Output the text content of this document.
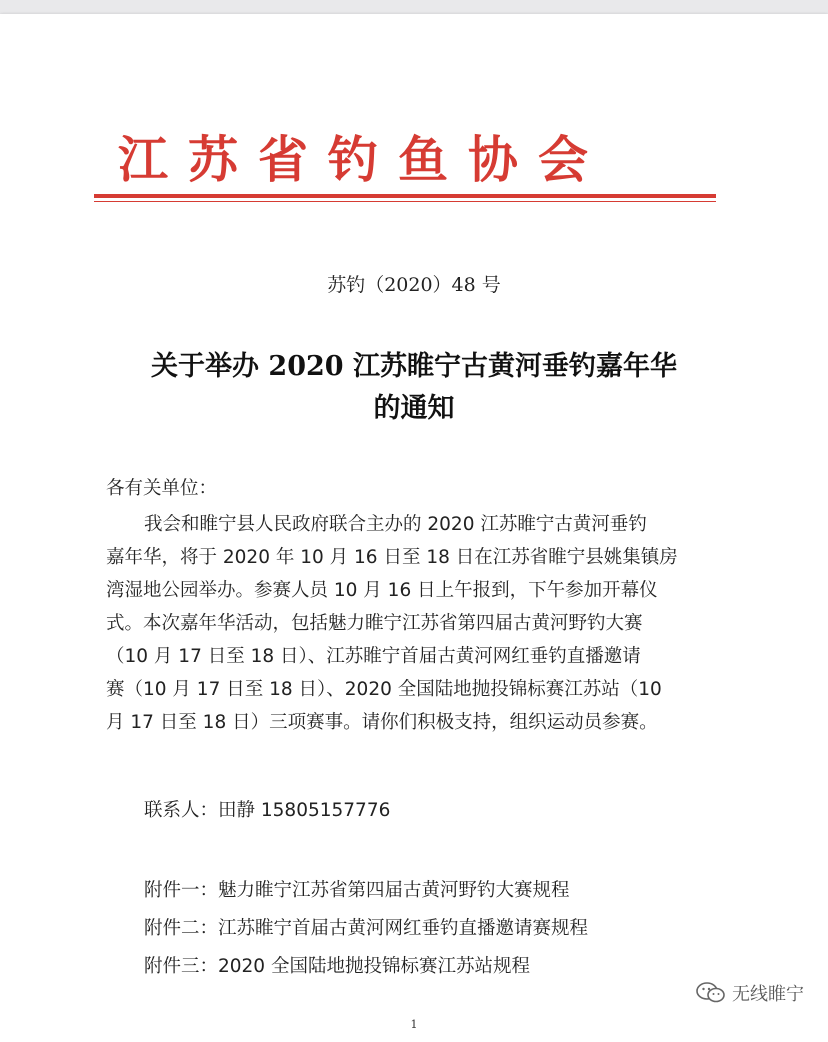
江苏省钓鱼协会
苏钓（2020）48 号
关于举办 2020 江苏睢宁古黄河垂钓嘉年华
的通知
各有关单位：
我会和睢宁县人民政府联合主办的 2020 江苏睢宁古黄河垂钓
嘉年华，将于 2020 年 10 月 16 日至 18 日在江苏省睢宁县姚集镇房
湾湿地公园举办。参赛人员 10 月 16 日上午报到，下午参加开幕仪
式。本次嘉年华活动，包括魅力睢宁江苏省第四届古黄河野钓大赛
（10 月 17 日至 18 日）、江苏睢宁首届古黄河网红垂钓直播邀请
赛（10 月 17 日至 18 日）、2020 全国陆地抛投锦标赛江苏站（10
月 17 日至 18 日）三项赛事。请你们积极支持，组织运动员参赛。
联系人：田静 15805157776
附件一：魅力睢宁江苏省第四届古黄河野钓大赛规程
附件二：江苏睢宁首届古黄河网红垂钓直播邀请赛规程
附件三：2020 全国陆地抛投锦标赛江苏站规程
1
无线睢宁
